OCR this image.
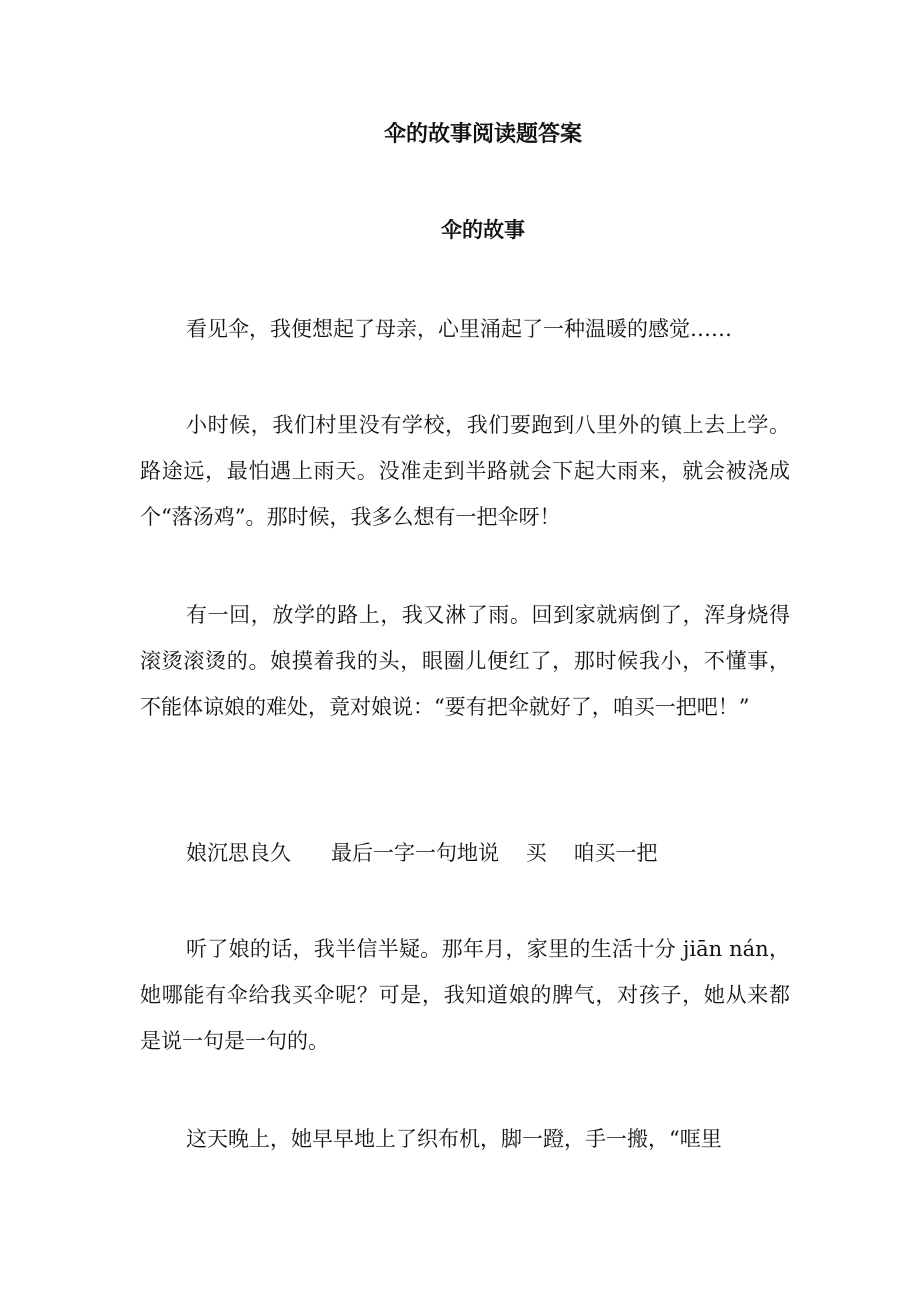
伞的故事阅读题答案
伞的故事

看见伞，我便想起了母亲，心里涌起了一种温暖的感觉……

小时候，我们村里没有学校，我们要跑到八里外的镇上去上学。路途远，最怕遇上雨天。没准走到半路就会下起大雨来，就会被浇成个“落汤鸡”。那时候，我多么想有一把伞呀！

有一回，放学的路上，我又淋了雨。回到家就病倒了，浑身烧得滚烫滚烫的。娘摸着我的头，眼圈儿便红了，那时候我小，不懂事，不能体谅娘的难处，竟对娘说：“要有把伞就好了，咱买一把吧！”

娘沉思良久      最后一字一句地说    买    咱买一把

听了娘的话，我半信半疑。那年月，家里的生活十分 jiān nán，她哪能有伞给我买伞呢？可是，我知道娘的脾气，对孩子，她从来都是说一句是一句的。

这天晚上，她早早地上了织布机，脚一蹬，手一搬，“哐里
